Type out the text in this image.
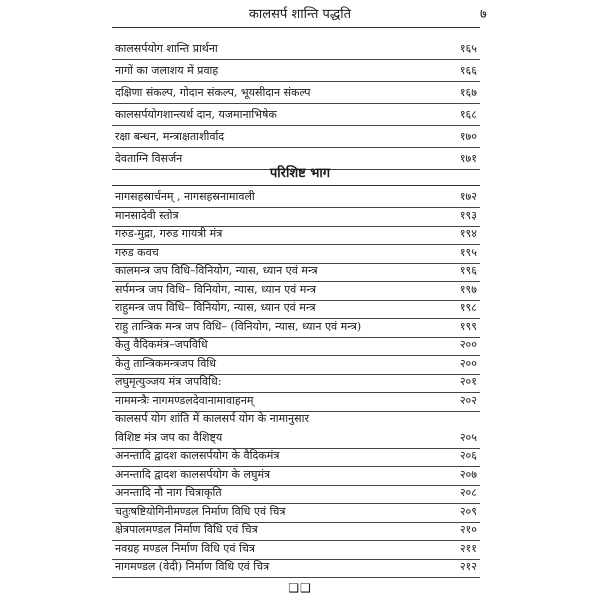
कालसर्प शान्ति पद्धति	७
कालसर्पयोग शान्ति प्रार्थना	१६५
नागों का जलाशय में प्रवाह	१६६
दक्षिणा संकल्प, गोदान संकल्प, भूयसीदान संकल्प	१६७
कालसर्पयोगशान्त्यर्थ दान, यजमानाभिषेक	१६८
रक्षा बन्धन, मन्त्राक्षताशीर्वाद	१७०
देवताग्नि विसर्जन	१७१
परिशिष्ट भाग
नागसहस्रार्चनम् , नागसहस्रनामावली	१७२
मानसादेवी स्तोत्र	१९३
गरुड-मुद्रा, गरुड गायत्री मंत्र	१९४
गरुड कवच	१९५
कालमन्त्र जप विधि–विनियोग, न्यास, ध्यान एवं मन्त्र	१९६
सर्पमन्त्र जप विधि– विनियोग, न्यास, ध्यान एवं मन्त्र	१९७
राहुमन्त्र जप विधि– विनियोग, न्यास, ध्यान एवं मन्त्र	१९८
राहु तान्त्रिक मन्त्र जप विधि– (विनियोग, न्यास, ध्यान एवं मन्त्र)	१९९
केतु वैदिकमंत्र–जपविधि	२००
केतु तान्त्रिकमन्त्रजप विधि	२००
लघुमृत्युञ्जय मंत्र जपविधि:	२०१
नाममन्त्रैः नागमण्डलदेवानामावाहनम्	२०२
कालसर्प योग शांति में कालसर्प योग के नामानुसार
विशिष्ट मंत्र जप का वैशिष्ट्य	२०५
अनन्तादि द्वादश कालसर्पयोग के वैदिकमंत्र	२०६
अनन्तादि द्वादश कालसर्पयोग के लघुमंत्र	२०७
अनन्तादि नौ नाग चित्राकृति	२०८
चतुःषष्टियोगिनीमण्डल निर्माण विधि एवं चित्र	२०९
क्षेत्रपालमण्डल निर्माण विधि एवं चित्र	२१०
नवग्रह मण्डल निर्माण विधि एवं चित्र	२११
नागमण्डल (वेदी) निर्माण विधि एवं चित्र	२१२
❑❑
